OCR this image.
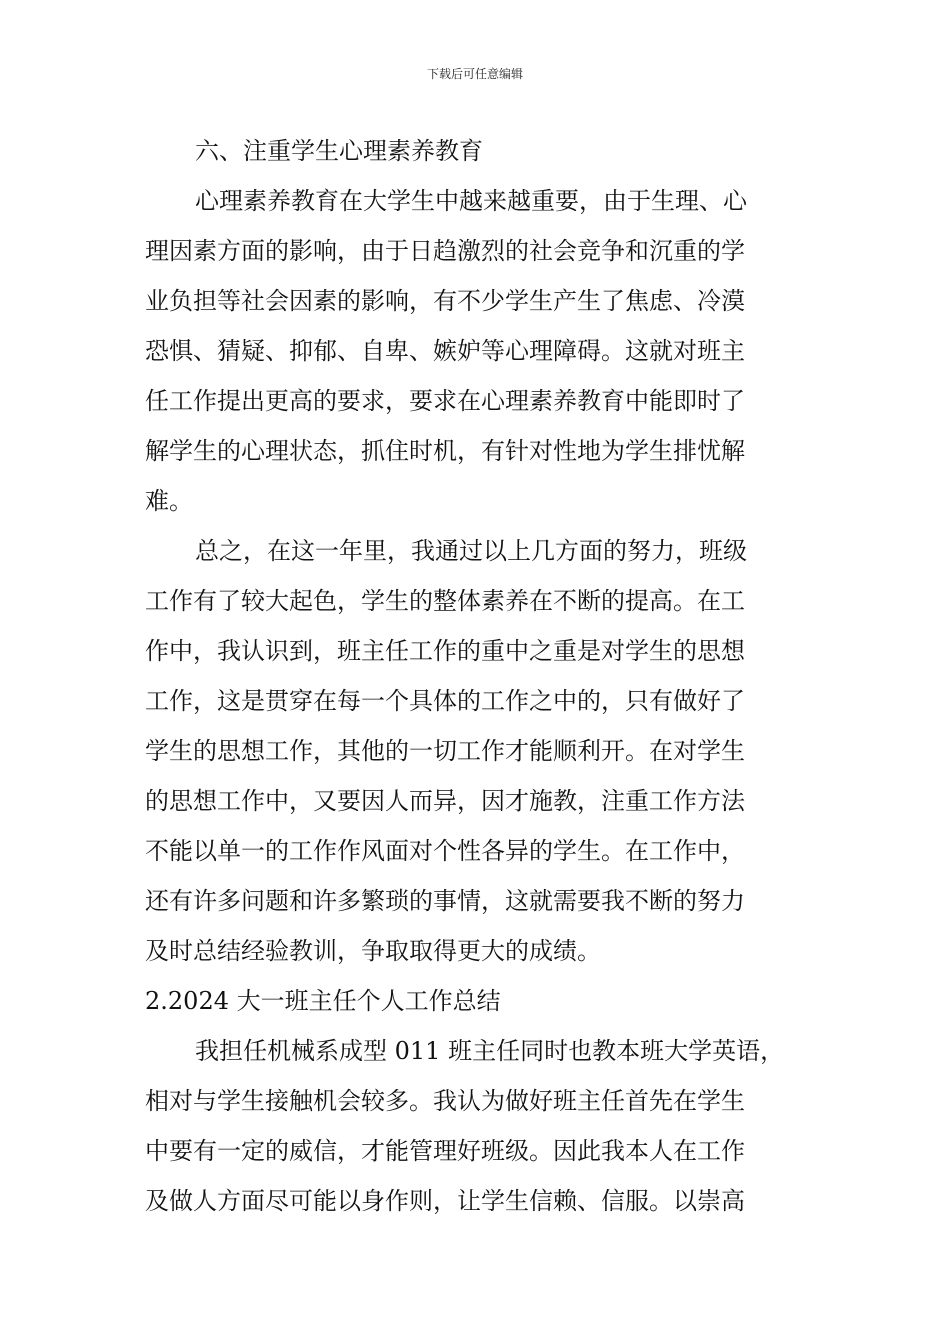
下载后可任意编辑
六、注重学生心理素养教育
心理素养教育在大学生中越来越重要，由于生理、心
理因素方面的影响，由于日趋激烈的社会竞争和沉重的学
业负担等社会因素的影响，有不少学生产生了焦虑、冷漠
恐惧、猜疑、抑郁、自卑、嫉妒等心理障碍。这就对班主
任工作提出更高的要求，要求在心理素养教育中能即时了
解学生的心理状态，抓住时机，有针对性地为学生排忧解
难。
总之，在这一年里，我通过以上几方面的努力，班级
工作有了较大起色，学生的整体素养在不断的提高。在工
作中，我认识到，班主任工作的重中之重是对学生的思想
工作，这是贯穿在每一个具体的工作之中的，只有做好了
学生的思想工作，其他的一切工作才能顺利开。在对学生
的思想工作中，又要因人而异，因才施教，注重工作方法
不能以单一的工作作风面对个性各异的学生。在工作中，
还有许多问题和许多繁琐的事情，这就需要我不断的努力
及时总结经验教训，争取取得更大的成绩。
2.2024 大一班主任个人工作总结
我担任机械系成型 011 班主任同时也教本班大学英语，
相对与学生接触机会较多。我认为做好班主任首先在学生
中要有一定的威信，才能管理好班级。因此我本人在工作
及做人方面尽可能以身作则，让学生信赖、信服。以崇高
